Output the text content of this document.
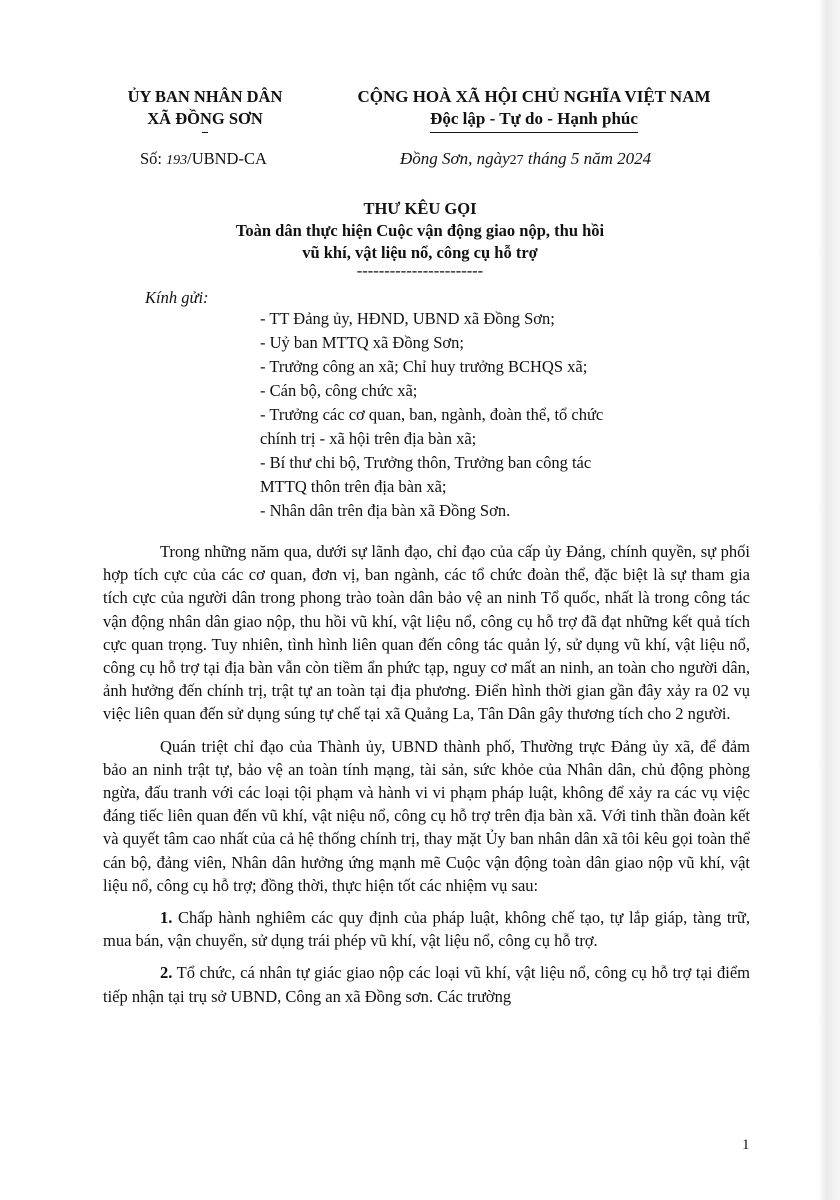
ỦY BAN NHÂN DÂN
XÃ ĐỒNG SƠN
CỘNG HOÀ XÃ HỘI CHỦ NGHĨA VIỆT NAM
Độc lập - Tự do - Hạnh phúc
Số: 193/UBND-CA	Đồng Sơn, ngày27 tháng 5 năm 2024
THƯ KÊU GỌI
Toàn dân thực hiện Cuộc vận động giao nộp, thu hồi
vũ khí, vật liệu nổ, công cụ hỗ trợ
-----------------------
Kính gửi:
- TT Đảng ủy, HĐND, UBND xã Đồng Sơn;
- Uỷ ban MTTQ xã Đồng Sơn;
- Trưởng công an xã; Chỉ huy trưởng BCHQS xã;
- Cán bộ, công chức xã;
- Trưởng các cơ quan, ban, ngành, đoàn thể, tổ chức
chính trị - xã hội trên địa bàn xã;
- Bí thư chi bộ, Trưởng thôn, Trưởng ban công tác
MTTQ thôn trên địa bàn xã;
- Nhân dân trên địa bàn xã Đồng Sơn.

Trong những năm qua, dưới sự lãnh đạo, chỉ đạo của cấp ủy Đảng, chính quyền, sự phối hợp tích cực của các cơ quan, đơn vị, ban ngành, các tổ chức đoàn thể, đặc biệt là sự tham gia tích cực của người dân trong phong trào toàn dân bảo vệ an ninh Tổ quốc, nhất là trong công tác vận động nhân dân giao nộp, thu hồi vũ khí, vật liệu nổ, công cụ hỗ trợ đã đạt những kết quả tích cực quan trọng. Tuy nhiên, tình hình liên quan đến công tác quản lý, sử dụng vũ khí, vật liệu nổ, công cụ hỗ trợ tại địa bàn vẫn còn tiềm ẩn phức tạp, nguy cơ mất an ninh, an toàn cho người dân, ảnh hưởng đến chính trị, trật tự an toàn tại địa phương. Điển hình thời gian gần đây xảy ra 02 vụ việc liên quan đến sử dụng súng tự chế tại xã Quảng La, Tân Dân gây thương tích cho 2 người.

Quán triệt chỉ đạo của Thành ủy, UBND thành phố, Thường trực Đảng ủy xã, để đảm bảo an ninh trật tự, bảo vệ an toàn tính mạng, tài sản, sức khỏe của Nhân dân, chủ động phòng ngừa, đấu tranh với các loại tội phạm và hành vi vi phạm pháp luật, không để xảy ra các vụ việc đáng tiếc liên quan đến vũ khí, vật niệu nổ, công cụ hỗ trợ trên địa bàn xã. Với tinh thần đoàn kết và quyết tâm cao nhất của cả hệ thống chính trị, thay mặt Ủy ban nhân dân xã tôi kêu gọi toàn thể cán bộ, đảng viên, Nhân dân hưởng ứng mạnh mẽ Cuộc vận động toàn dân giao nộp vũ khí, vật liệu nổ, công cụ hỗ trợ; đồng thời, thực hiện tốt các nhiệm vụ sau:

1. Chấp hành nghiêm các quy định của pháp luật, không chế tạo, tự lắp giáp, tàng trữ, mua bán, vận chuyển, sử dụng trái phép vũ khí, vật liệu nổ, công cụ hỗ trợ.

2. Tổ chức, cá nhân tự giác giao nộp các loại vũ khí, vật liệu nổ, công cụ hỗ trợ tại điểm tiếp nhận tại trụ sở UBND, Công an xã Đồng sơn. Các trường

1
